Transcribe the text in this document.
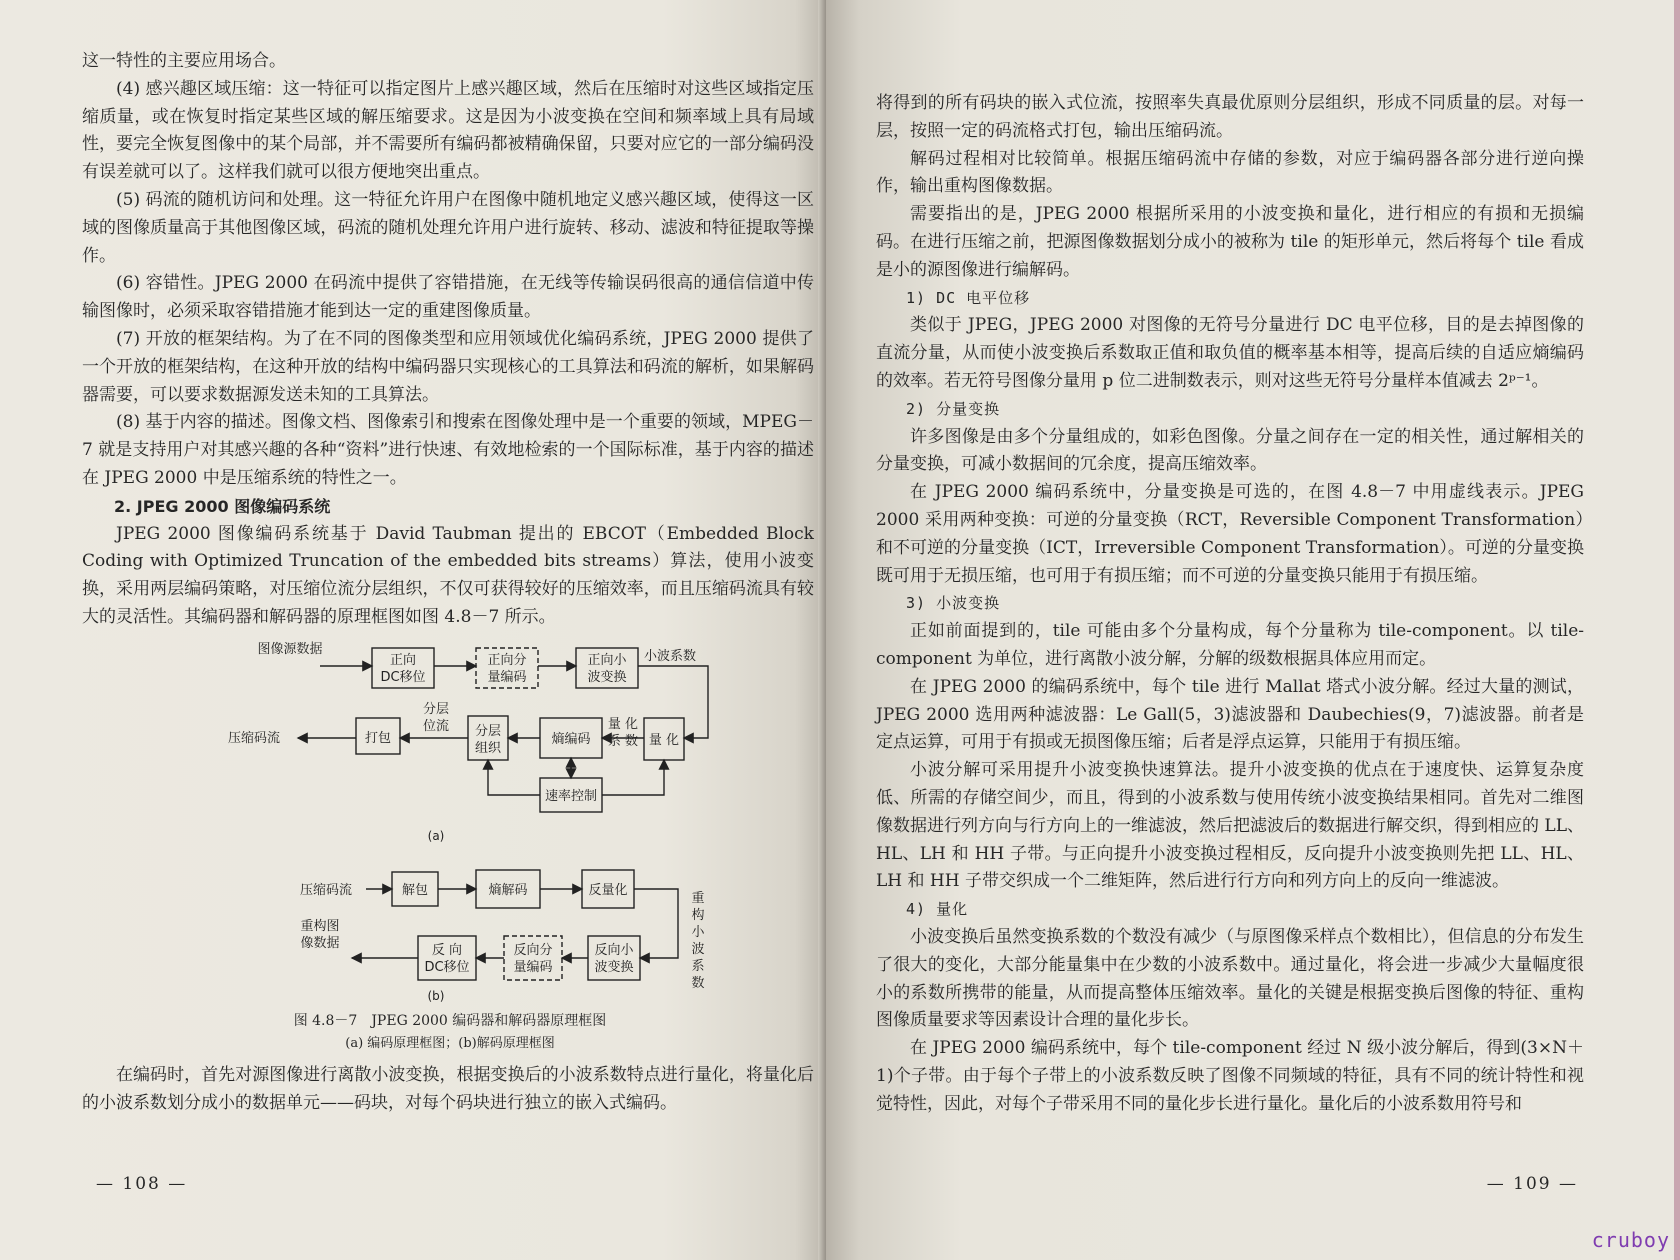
这一特性的主要应用场合。
(4) 感兴趣区域压缩：这一特征可以指定图片上感兴趣区域，然后在压缩时对这些区域指定压缩质量，或在恢复时指定某些区域的解压缩要求。这是因为小波变换在空间和频率域上具有局域性，要完全恢复图像中的某个局部，并不需要所有编码都被精确保留，只要对应它的一部分编码没有误差就可以了。这样我们就可以很方便地突出重点。
(5) 码流的随机访问和处理。这一特征允许用户在图像中随机地定义感兴趣区域，使得这一区域的图像质量高于其他图像区域，码流的随机处理允许用户进行旋转、移动、滤波和特征提取等操作。
(6) 容错性。JPEG 2000 在码流中提供了容错措施，在无线等传输误码很高的通信信道中传输图像时，必须采取容错措施才能到达一定的重建图像质量。
(7) 开放的框架结构。为了在不同的图像类型和应用领域优化编码系统，JPEG 2000 提供了一个开放的框架结构，在这种开放的结构中编码器只实现核心的工具算法和码流的解析，如果解码器需要，可以要求数据源发送未知的工具算法。
(8) 基于内容的描述。图像文档、图像索引和搜索在图像处理中是一个重要的领域，MPEG－7 就是支持用户对其感兴趣的各种“资料”进行快速、有效地检索的一个国际标准，基于内容的描述在 JPEG 2000 中是压缩系统的特性之一。
2. JPEG 2000 图像编码系统
JPEG 2000 图像编码系统基于 David Taubman 提出的 EBCOT（Embedded Block Coding with Optimized Truncation of the embedded bits streams）算法，使用小波变换，采用两层编码策略，对压缩位流分层组织，不仅可获得较好的压缩效率，而且压缩码流具有较大的灵活性。其编码器和解码器的原理框图如图 4.8－7 所示。
图像源数据
正向
DC移位
正向分
量编码
正向小
波变换
小波系数
量 化
量 化
系 数
熵编码
分层
组织
分层
位流
打包
压缩码流
速率控制
(a)
压缩码流	解包	熵解码	反量化
重
构
小
波
系
数
反向小
波变换
反向分
量编码
反 向
DC移位
重构图
像数据
(b)
图 4.8－7　JPEG 2000 编码器和解码器原理框图
(a) 编码原理框图；(b)解码原理框图
在编码时，首先对源图像进行离散小波变换，根据变换后的小波系数特点进行量化，将量化后的小波系数划分成小的数据单元——码块，对每个码块进行独立的嵌入式编码。
— 108 —
将得到的所有码块的嵌入式位流，按照率失真最优原则分层组织，形成不同质量的层。对每一层，按照一定的码流格式打包，输出压缩码流。
解码过程相对比较简单。根据压缩码流中存储的参数，对应于编码器各部分进行逆向操作，输出重构图像数据。
需要指出的是，JPEG 2000 根据所采用的小波变换和量化，进行相应的有损和无损编码。在进行压缩之前，把源图像数据划分成小的被称为 tile 的矩形单元，然后将每个 tile 看成是小的源图像进行编解码。
1) DC 电平位移
类似于 JPEG，JPEG 2000 对图像的无符号分量进行 DC 电平位移，目的是去掉图像的直流分量，从而使小波变换后系数取正值和取负值的概率基本相等，提高后续的自适应熵编码的效率。若无符号图像分量用 p 位二进制数表示，则对这些无符号分量样本值减去 2ᵖ⁻¹。
2) 分量变换
许多图像是由多个分量组成的，如彩色图像。分量之间存在一定的相关性，通过解相关的分量变换，可减小数据间的冗余度，提高压缩效率。
在 JPEG 2000 编码系统中，分量变换是可选的，在图 4.8－7 中用虚线表示。JPEG 2000 采用两种变换：可逆的分量变换（RCT，Reversible Component Transformation）和不可逆的分量变换（ICT，Irreversible Component Transformation）。可逆的分量变换既可用于无损压缩，也可用于有损压缩；而不可逆的分量变换只能用于有损压缩。
3) 小波变换
正如前面提到的，tile 可能由多个分量构成，每个分量称为 tile-component。以 tile-component 为单位，进行离散小波分解，分解的级数根据具体应用而定。
在 JPEG 2000 的编码系统中，每个 tile 进行 Mallat 塔式小波分解。经过大量的测试，JPEG 2000 选用两种滤波器：Le Gall(5，3)滤波器和 Daubechies(9，7)滤波器。前者是定点运算，可用于有损或无损图像压缩；后者是浮点运算，只能用于有损压缩。
小波分解可采用提升小波变换快速算法。提升小波变换的优点在于速度快、运算复杂度低、所需的存储空间少，而且，得到的小波系数与使用传统小波变换结果相同。首先对二维图像数据进行列方向与行方向上的一维滤波，然后把滤波后的数据进行解交织，得到相应的 LL、HL、LH 和 HH 子带。与正向提升小波变换过程相反，反向提升小波变换则先把 LL、HL、LH 和 HH 子带交织成一个二维矩阵，然后进行行方向和列方向上的反向一维滤波。
4) 量化
小波变换后虽然变换系数的个数没有减少（与原图像采样点个数相比），但信息的分布发生了很大的变化，大部分能量集中在少数的小波系数中。通过量化，将会进一步减少大量幅度很小的系数所携带的能量，从而提高整体压缩效率。量化的关键是根据变换后图像的特征、重构图像质量要求等因素设计合理的量化步长。
在 JPEG 2000 编码系统中，每个 tile-component 经过 N 级小波分解后，得到(3×N＋1)个子带。由于每个子带上的小波系数反映了图像不同频域的特征，具有不同的统计特性和视觉特性，因此，对每个子带采用不同的量化步长进行量化。量化后的小波系数用符号和
— 109 —
cruboy
